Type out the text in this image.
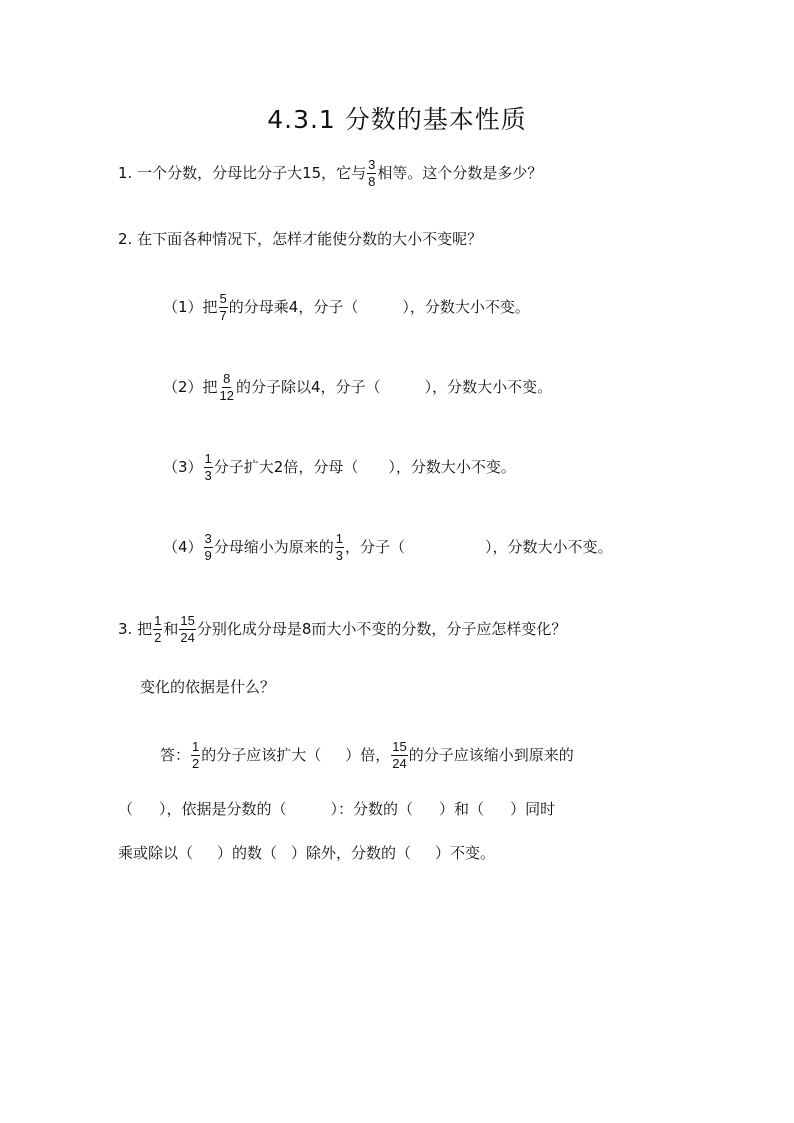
4.3.1 分数的基本性质
1. 一个分数，分母比分子大15，它与 $\frac{3}{8}$ 相等。这个分数是多少？
2. 在下面各种情况下，怎样才能使分数的大小不变呢？
（1）把 $\frac{5}{7}$ 的分母乘4，分子（	），分数大小不变。
（2）把 $\frac{8}{12}$ 的分子除以4，分子（	），分数大小不变。
$(3) \frac{1}{3}$ 分子扩大2倍，分母（ ），分数大小不变。
$(4) \frac{3}{9}$ 分母缩小为原来的 $\frac{1}{3}$ ，分子（	），分数大小不变。
3. 把 $\frac{1}{2}$ 和 $\frac{15}{24}$ 分别化成分母是8而大小不变的分数，分子应怎样变化？
变化的依据是什么？
答： $\frac{1}{2}$ 的分子应该扩大（ ）倍， $\frac{15}{24}$ 的分子应该缩小到原来的
（ ），依据是分数的（	）：分数的（ ）和（ ）同时
乘或除以（ ）的数（ ）除外，分数的（ ）不变。
